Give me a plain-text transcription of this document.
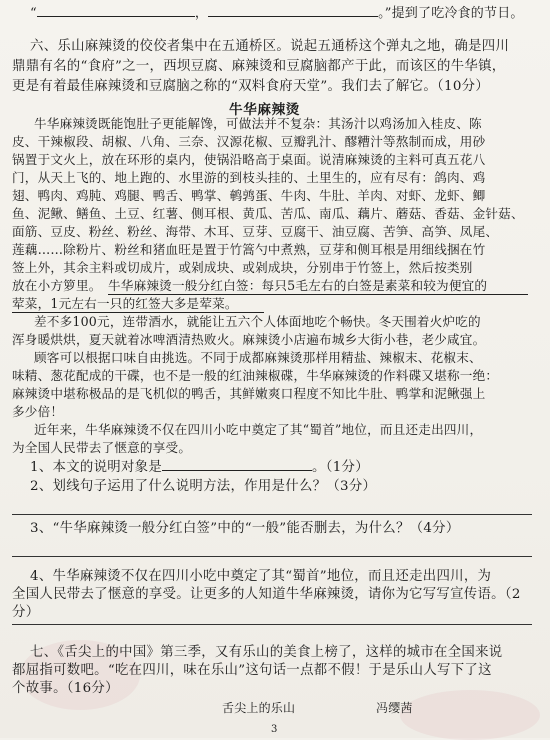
“	，	。”提到了吃冷食的节日。
六、乐山麻辣烫的佼佼者集中在五通桥区。说起五通桥这个弹丸之地，确是四川
鼎鼎有名的“食府”之一，西坝豆腐、麻辣烫和豆腐脑都产于此，而该区的牛华镇，
更是有着最佳麻辣烫和豆腐脑之称的“双料食府天堂”。我们去了解它。（10分）
牛华麻辣烫
牛华麻辣烫既能饱肚子更能解馋，可做法并不复杂：其汤汁以鸡汤加入桂皮、陈
皮、干辣椒段、胡椒、八角、三奈、汉源花椒、豆瓣乳汁、醪糟汁等熬制而成，用砂
锅置于文火上，放在环形的桌内，使锅沿略高于桌面。说清麻辣烫的主料可真五花八
门，从天上飞的、地上跑的、水里游的到枝头挂的、土里生的，应有尽有：鸽肉、鸡
翅、鸭肉、鸡肫、鸡腿、鸭舌、鸭掌、鹌鹑蛋、牛肉、牛肚、羊肉、对虾、龙虾、鲫
鱼、泥鳅、鳝鱼、土豆、红薯、侧耳根、黄瓜、苦瓜、南瓜、藕片、蘑菇、香菇、金针菇、
面筋、豆皮、粉丝、粉丝、海带、木耳、豆芽、豆腐干、油豆腐、苦笋、高笋、凤尾、
莲藕……除粉片、粉丝和猪血旺是置于竹篙勺中煮熟，豆芽和侧耳根是用细线捆在竹
签上外，其余主料或切成片，或剁成块、或剁成块，分别串于竹签上，然后按类别
放在小方箩里。 牛华麻辣烫一般分红白签：每只5毛左右的白签是素菜和较为便宜的
荤菜，1元左右一只的红签大多是荤菜。
差不多100元，连带酒水，就能让五六个人体面地吃个畅快。冬天围着火炉吃的
浑身暖烘烘，夏天就着冰啤酒清热败火。麻辣烫小店遍布城乡大街小巷，老少咸宜。
顾客可以根据口味自由挑选。不同于成都麻辣烫那样用精盐、辣椒末、花椒末、
味精、葱花配成的干碟，也不是一般的红油辣椒碟，牛华麻辣烫的作料碟又堪称一绝：
麻辣烫中堪称极品的是飞机似的鸭舌，其鲜嫩爽口程度不知比牛肚、鸭掌和泥鳅强上
多少倍！
近年来，牛华麻辣烫不仅在四川小吃中奠定了其“蜀首”地位，而且还走出四川，
为全国人民带去了惬意的享受。
1、本文的说明对象是	。（1分）
2、划线句子运用了什么说明方法，作用是什么？（3分）
3、“牛华麻辣烫一般分红白签”中的“一般”能否删去，为什么？（4分）
4、牛华麻辣烫不仅在四川小吃中奠定了其“蜀首”地位，而且还走出四川，为
全国人民带去了惬意的享受。让更多的人知道牛华麻辣烫，请你为它写写宣传语。（2
分）
七、《舌尖上的中国》第三季，又有乐山的美食上榜了，这样的城市在全国来说
都屈指可数吧。“吃在四川，味在乐山”这句话一点都不假！于是乐山人写下了这
个故事。（16分）
舌尖上的乐山	冯缨茜
3
